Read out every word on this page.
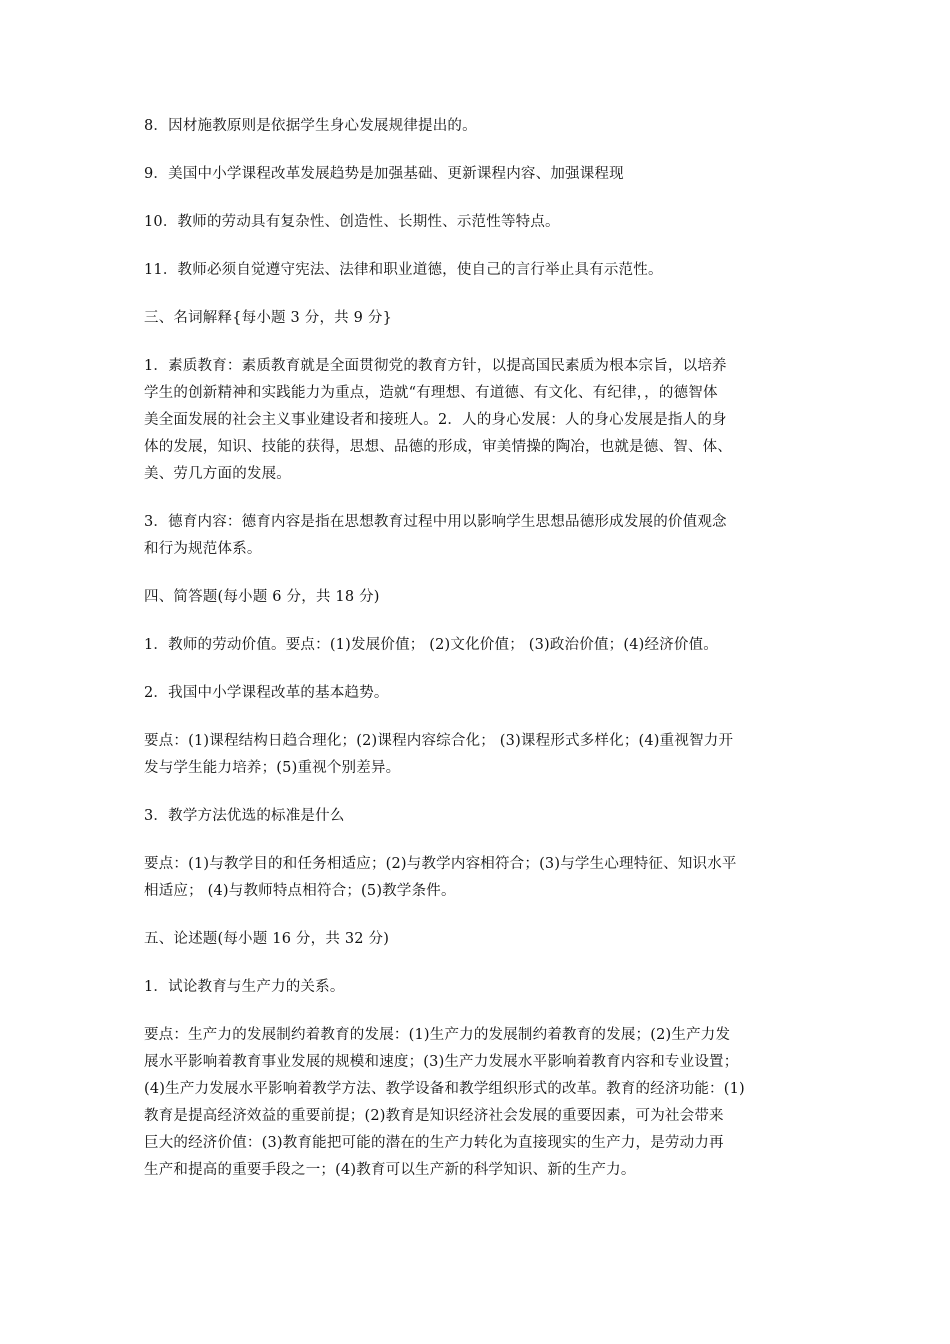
8．因材施教原则是依据学生身心发展规律提出的。

9．美国中小学课程改革发展趋势是加强基础、更新课程内容、加强课程现

10．教师的劳动具有复杂性、创造性、长期性、示范性等特点。

11．教师必须自觉遵守宪法、法律和职业道德，使自己的言行举止具有示范性。

三、名词解释{每小题 3 分，共 9 分}

1．素质教育：素质教育就是全面贯彻党的教育方针，以提高国民素质为根本宗旨，以培养
学生的创新精神和实践能力为重点，造就“有理想、有道德、有文化、有纪律，，的德智体
美全面发展的社会主义事业建设者和接班人。2．人的身心发展：人的身心发展是指人的身
体的发展，知识、技能的获得，思想、品德的形成，审美情操的陶冶，也就是德、智、体、
美、劳几方面的发展。

3．德育内容：德育内容是指在思想教育过程中用以影响学生思想品德形成发展的价值观念
和行为规范体系。

四、简答题(每小题 6 分，共 18 分)

1．教师的劳动价值。要点：(1)发展价值； (2)文化价值； (3)政治价值；(4)经济价值。

2．我国中小学课程改革的基本趋势。

要点：(1)课程结构日趋合理化；(2)课程内容综合化； (3)课程形式多样化；(4)重视智力开
发与学生能力培养；(5)重视个别差异。

3．教学方法优选的标准是什么

要点：(1)与教学目的和任务相适应；(2)与教学内容相符合；(3)与学生心理特征、知识水平
相适应； (4)与教师特点相符合；(5)教学条件。

五、论述题(每小题 16 分，共 32 分)

1．试论教育与生产力的关系。

要点：生产力的发展制约着教育的发展：(1)生产力的发展制约着教育的发展；(2)生产力发
展水平影响着教育事业发展的规模和速度；(3)生产力发展水平影响着教育内容和专业设置；
(4)生产力发展水平影响着教学方法、教学设备和教学组织形式的改革。教育的经济功能：(1)
教育是提高经济效益的重要前提；(2)教育是知识经济社会发展的重要因素，可为社会带来
巨大的经济价值：(3)教育能把可能的潜在的生产力转化为直接现实的生产力，是劳动力再
生产和提高的重要手段之一；(4)教育可以生产新的科学知识、新的生产力。
